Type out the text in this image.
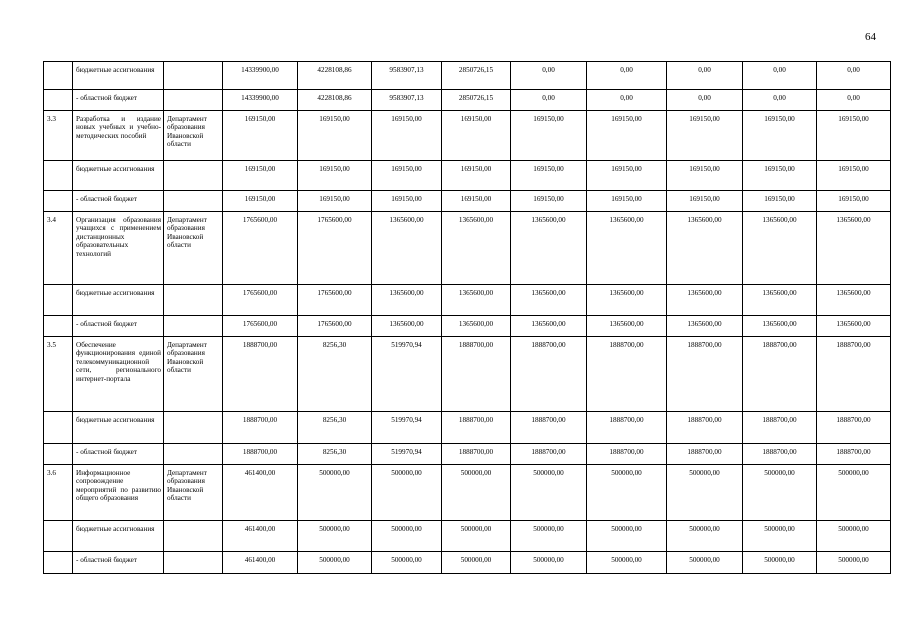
64
	бюджетные ассигнования		14339900,00	4228108,86	9583907,13	2850726,15	0,00	0,00	0,00	0,00	0,00
	- областной бюджет		14339900,00	4228108,86	9583907,13	2850726,15	0,00	0,00	0,00	0,00	0,00
3.3	Разработка и издание новых учебных и учебно-методических пособий	Департамент образования Ивановской области	169150,00	169150,00	169150,00	169150,00	169150,00	169150,00	169150,00	169150,00	169150,00
	бюджетные ассигнования		169150,00	169150,00	169150,00	169150,00	169150,00	169150,00	169150,00	169150,00	169150,00
	- областной бюджет		169150,00	169150,00	169150,00	169150,00	169150,00	169150,00	169150,00	169150,00	169150,00
3.4	Организация образования учащихся с применением дистанционных образовательных технологий	Департамент образования Ивановской области	1765600,00	1765600,00	1365600,00	1365600,00	1365600,00	1365600,00	1365600,00	1365600,00	1365600,00
	бюджетные ассигнования		1765600,00	1765600,00	1365600,00	1365600,00	1365600,00	1365600,00	1365600,00	1365600,00	1365600,00
	- областной бюджет		1765600,00	1765600,00	1365600,00	1365600,00	1365600,00	1365600,00	1365600,00	1365600,00	1365600,00
3.5	Обеспечение функционирования единой телекоммуникационной сети, регионального интернет-портала	Департамент образования Ивановской области	1888700,00	8256,30	519970,94	1888700,00	1888700,00	1888700,00	1888700,00	1888700,00	1888700,00
	бюджетные ассигнования		1888700,00	8256,30	519970,94	1888700,00	1888700,00	1888700,00	1888700,00	1888700,00	1888700,00
	- областной бюджет		1888700,00	8256,30	519970,94	1888700,00	1888700,00	1888700,00	1888700,00	1888700,00	1888700,00
3.6	Информационное сопровождение мероприятий по развитию общего образования	Департамент образования Ивановской области	461400,00	500000,00	500000,00	500000,00	500000,00	500000,00	500000,00	500000,00	500000,00
	бюджетные ассигнования		461400,00	500000,00	500000,00	500000,00	500000,00	500000,00	500000,00	500000,00	500000,00
	- областной бюджет		461400,00	500000,00	500000,00	500000,00	500000,00	500000,00	500000,00	500000,00	500000,00
